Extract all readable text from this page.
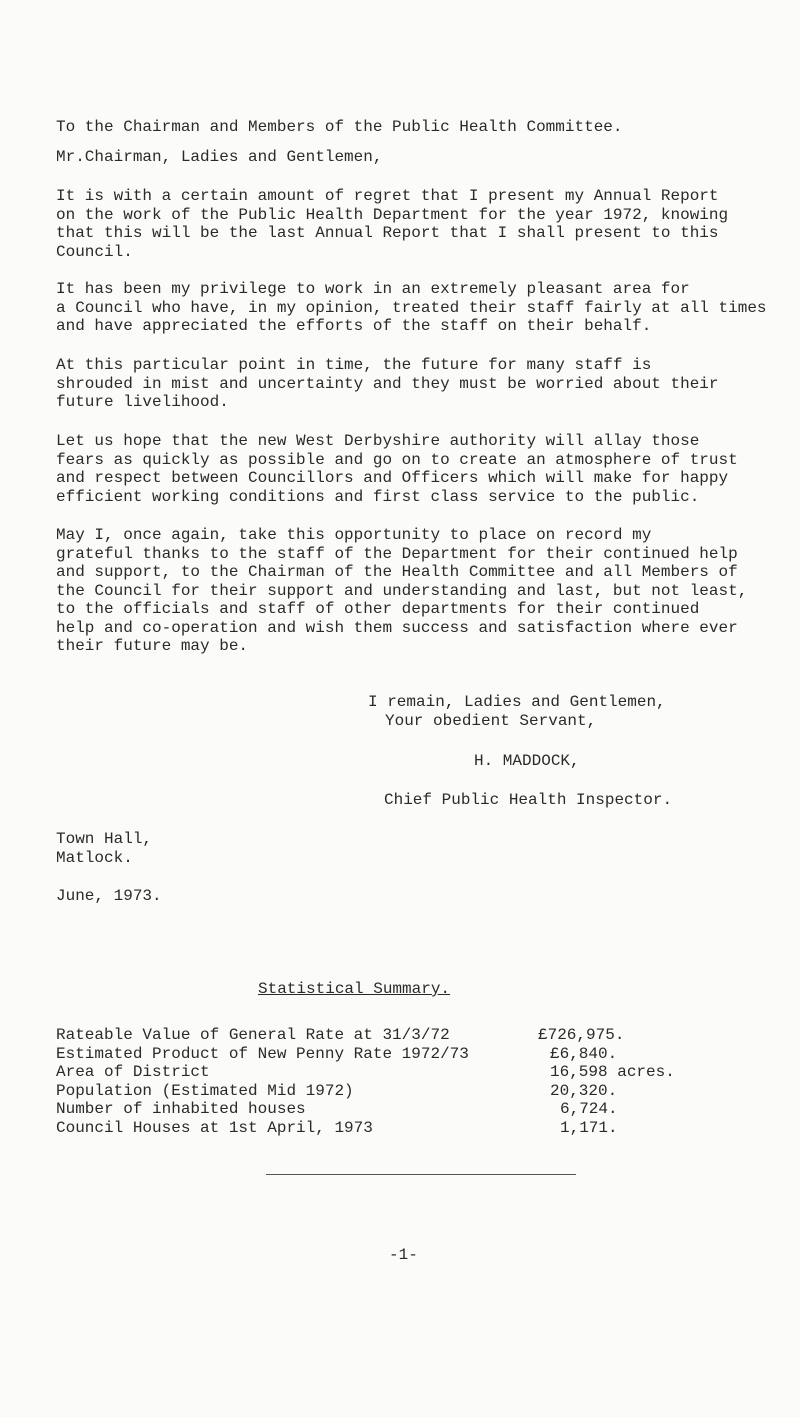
To the Chairman and Members of the Public Health Committee.
Mr.Chairman, Ladies and Gentlemen,
It is with a certain amount of regret that I present my Annual Report
on the work of the Public Health Department for the year 1972, knowing
that this will be the last Annual Report that I shall present to this
Council.
It has been my privilege to work in an extremely pleasant area for
a Council who have, in my opinion, treated their staff fairly at all times
and have appreciated the efforts of the staff on their behalf.
At this particular point in time, the future for many staff is
shrouded in mist and uncertainty and they must be worried about their
future livelihood.
Let us hope that the new West Derbyshire authority will allay those
fears as quickly as possible and go on to create an atmosphere of trust
and respect between Councillors and Officers which will make for happy
efficient working conditions and first class service to the public.
May I, once again, take this opportunity to place on record my
grateful thanks to the staff of the Department for their continued help
and support, to the Chairman of the Health Committee and all Members of
the Council for their support and understanding and last, but not least,
to the officials and staff of other departments for their continued
help and co-operation and wish them success and satisfaction where ever
their future may be.
I remain, Ladies and Gentlemen,
Your obedient Servant,
H. MADDOCK,
Chief Public Health Inspector.
Town Hall,
Matlock.
June, 1973.
Statistical Summary.
Rateable Value of General Rate at 31/3/72	£726,975.
Estimated Product of New Penny Rate 1972/73	£6,840.
Area of District	16,598 acres.
Population (Estimated Mid 1972)	20,320.
Number of inhabited houses	6,724.
Council Houses at 1st April, 1973	1,171.
-1-
